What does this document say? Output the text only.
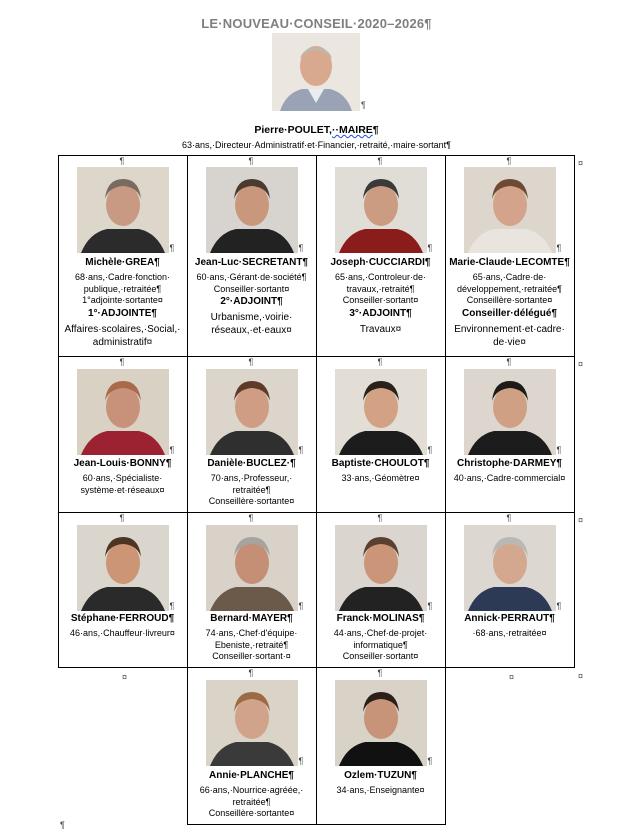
LE·NOUVEAU·CONSEIL·2020–2026¶
¶
Pierre·POULET,··MAIRE¶
63·ans,·Directeur·Administratif·et·Financier,·retraité,·maire·sortant¶
¶
¶
Michèle·GREA¶
68·ans,·Cadre·fonction·
publique,·retraitée¶
1°adjointe·sortante¤
1°·ADJOINTE¶
Affaires·scolaires,·Social,·
administratif¤
¶
¶
Jean-Luc·SECRETANT¶
60·ans,·Gérant·de·société¶
Conseiller·sortant¤
2°·ADJOINT¶
Urbanisme,·voirie·
réseaux,·et·eaux¤
¶
¶
Joseph·CUCCIARDI¶
65·ans,·Controleur·de·
travaux,·retraité¶
Conseiller·sortant¤
3°·ADJOINT¶
Travaux¤
¶
¶
Marie-Claude·LECOMTE¶
65·ans,·Cadre·de·
développement,·retraitée¶
Conseillère·sortante¤
Conseiller·délégué¶
Environnement·et·cadre·
de·vie¤
¶
¶
Jean-Louis·BONNY¶
60·ans,·Spécialiste·
système·et·réseaux¤
¶
¶
Danièle·BUCLEZ·¶
70·ans,·Professeur,·
retraitée¶
Conseillère·sortante¤
¶
¶
Baptiste·CHOULOT¶
33·ans,·Géomètre¤
¶
¶
Christophe·DARMEY¶
40·ans,·Cadre·commercial¤
¶
¶
Stéphane·FERROUD¶
46·ans,·Chauffeur·livreur¤
¶
¶
Bernard·MAYER¶
74·ans,·Chef·d'équipe·
Ebeniste,·retraité¶
Conseiller·sortant·¤
¶
¶
Franck·MOLINAS¶
44·ans,·Chef·de·projet·
informatique¶
Conseiller·sortant¤
¶
¶
Annick·PERRAUT¶
·68·ans,·retraitée¤
¶
¶
Annie·PLANCHE¶
66·ans,·Nourrice·agréée,·
retraitée¶
Conseillère·sortante¤
¶
¶
Ozlem·TUZUN¶
34·ans,·Enseignante¤
¤
¤
¤
¤
¤	¤
¶
